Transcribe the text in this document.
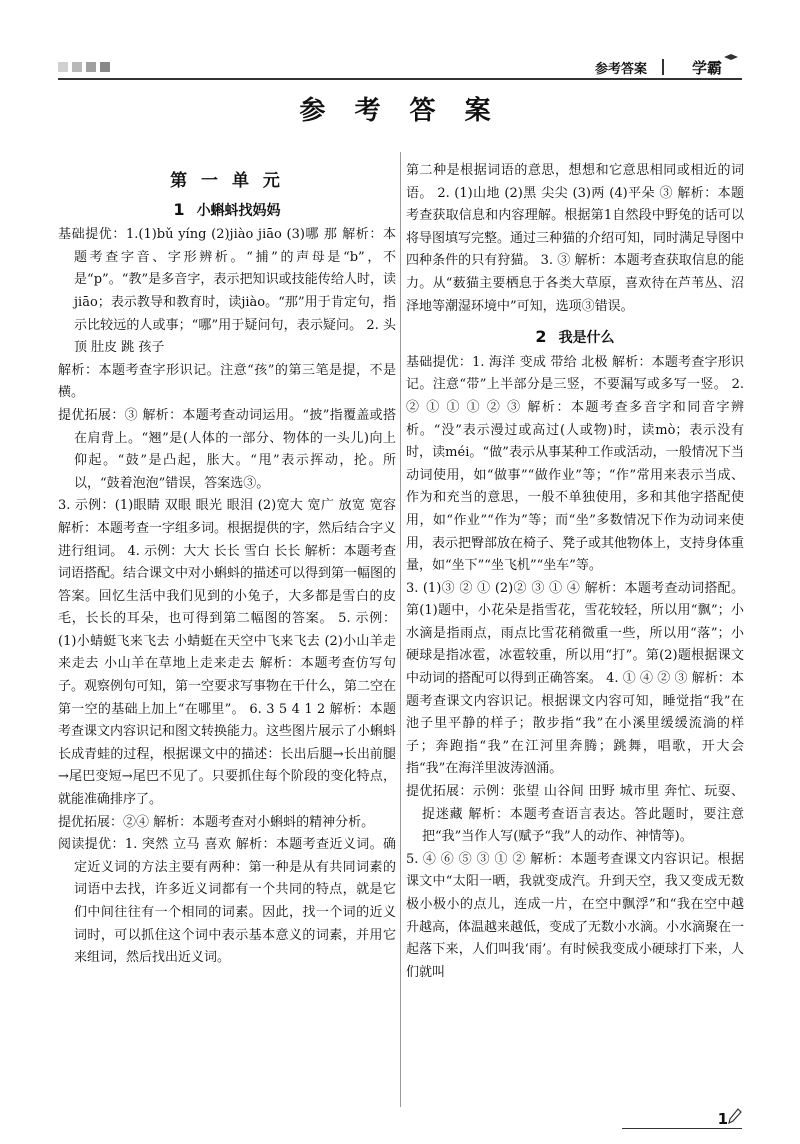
参考答案	学霸
参 考 答 案
第 一 单 元
1 小蝌蚪找妈妈

基础提优：1.(1)bǔ yíng (2)jiào jiāo (3)哪 那 解析：本题考查字音、字形辨析。“捕”的声母是“b”，不是“p”。“教”是多音字，表示把知识或技能传给人时，读jiāo；表示教导和教育时，读jiào。“那”用于肯定句，指示比较远的人或事；“哪”用于疑问句，表示疑问。 2. 头顶 肚皮 跳 孩子

解析：本题考查字形识记。注意“孩”的第三笔是提，不是横。

提优拓展：③ 解析：本题考查动词运用。“披”指覆盖或搭在肩背上。“翘”是(人体的一部分、物体的一头儿)向上仰起。“鼓”是凸起，胀大。“甩”表示挥动，抡。所以，“鼓着泡泡”错误，答案选③。

3. 示例：(1)眼睛 双眼 眼光 眼泪 (2)宽大 宽广 放宽 宽容 解析：本题考查一字组多词。根据提供的字，然后结合字义进行组词。 4. 示例：大大 长长 雪白 长长 解析：本题考查词语搭配。结合课文中对小蝌蚪的描述可以得到第一幅图的答案。回忆生活中我们见到的小兔子，大多都是雪白的皮毛，长长的耳朵，也可得到第二幅图的答案。 5. 示例：(1)小蜻蜓飞来飞去 小蜻蜓在天空中飞来飞去 (2)小山羊走来走去 小山羊在草地上走来走去 解析：本题考查仿写句子。观察例句可知，第一空要求写事物在干什么，第二空在第一空的基础上加上“在哪里”。 6. 3 5 4 1 2 解析：本题考查课文内容识记和图文转换能力。这些图片展示了小蝌蚪长成青蛙的过程，根据课文中的描述：长出后腿→长出前腿→尾巴变短→尾巴不见了。只要抓住每个阶段的变化特点，就能准确排序了。

提优拓展：②④ 解析：本题考查对小蝌蚪的精神分析。

阅读提优：1. 突然 立马 喜欢 解析：本题考查近义词。确定近义词的方法主要有两种：第一种是从有共同词素的词语中去找，许多近义词都有一个共同的特点，就是它们中间往往有一个相同的词素。因此，找一个词的近义词时，可以抓住这个词中表示基本意义的词素，并用它来组词，然后找出近义词。

第二种是根据词语的意思，想想和它意思相同或相近的词语。 2. (1)山地 (2)黑 尖尖 (3)两 (4)平朵 ③ 解析：本题考查获取信息和内容理解。根据第1自然段中野兔的话可以将导图填写完整。通过三种猫的介绍可知，同时满足导图中四种条件的只有狩猫。 3. ③ 解析：本题考查获取信息的能力。从“薮猫主要栖息于各类大草原，喜欢待在芦苇丛、沼泽地等潮湿环境中”可知，选项③错误。

2 我是什么

基础提优：1. 海洋 变成 带给 北极 解析：本题考查字形识记。注意“带”上半部分是三竖，不要漏写或多写一竖。 2. ② ① ① ① ② ③ 解析：本题考查多音字和同音字辨析。“没”表示漫过或高过(人或物)时，读mò；表示没有时，读méi。“做”表示从事某种工作或活动，一般情况下当动词使用，如“做事”“做作业”等；“作”常用来表示当成、作为和充当的意思，一般不单独使用，多和其他字搭配使用，如“作业”“作为”等；而“坐”多数情况下作为动词来使用，表示把臀部放在椅子、凳子或其他物体上，支持身体重量，如“坐下”“坐飞机”“坐车”等。

3. (1)③ ② ① (2)② ③ ① ④ 解析：本题考查动词搭配。第(1)题中，小花朵是指雪花，雪花较轻，所以用“飘”；小水滴是指雨点，雨点比雪花稍微重一些，所以用“落”；小硬球是指冰雹，冰雹较重，所以用“打”。第(2)题根据课文中动词的搭配可以得到正确答案。 4. ① ④ ② ③ 解析：本题考查课文内容识记。根据课文内容可知，睡觉指“我”在池子里平静的样子；散步指“我”在小溪里缓缓流淌的样子；奔跑指“我”在江河里奔腾；跳舞，唱歌，开大会指“我”在海洋里波涛汹涌。

提优拓展：示例：张望 山谷间 田野 城市里 奔忙、玩耍、捉迷藏 解析：本题考查语言表达。答此题时，要注意把“我”当作人写(赋予“我”人的动作、神情等)。

5. ④ ⑥ ⑤ ③ ① ② 解析：本题考查课文内容识记。根据课文中“太阳一晒，我就变成汽。升到天空，我又变成无数极小极小的点儿，连成一片，在空中飘浮”和“我在空中越升越高，体温越来越低，变成了无数小水滴。小水滴聚在一起落下来，人们叫我‘雨’。有时候我变成小硬球打下来，人们就叫

1
